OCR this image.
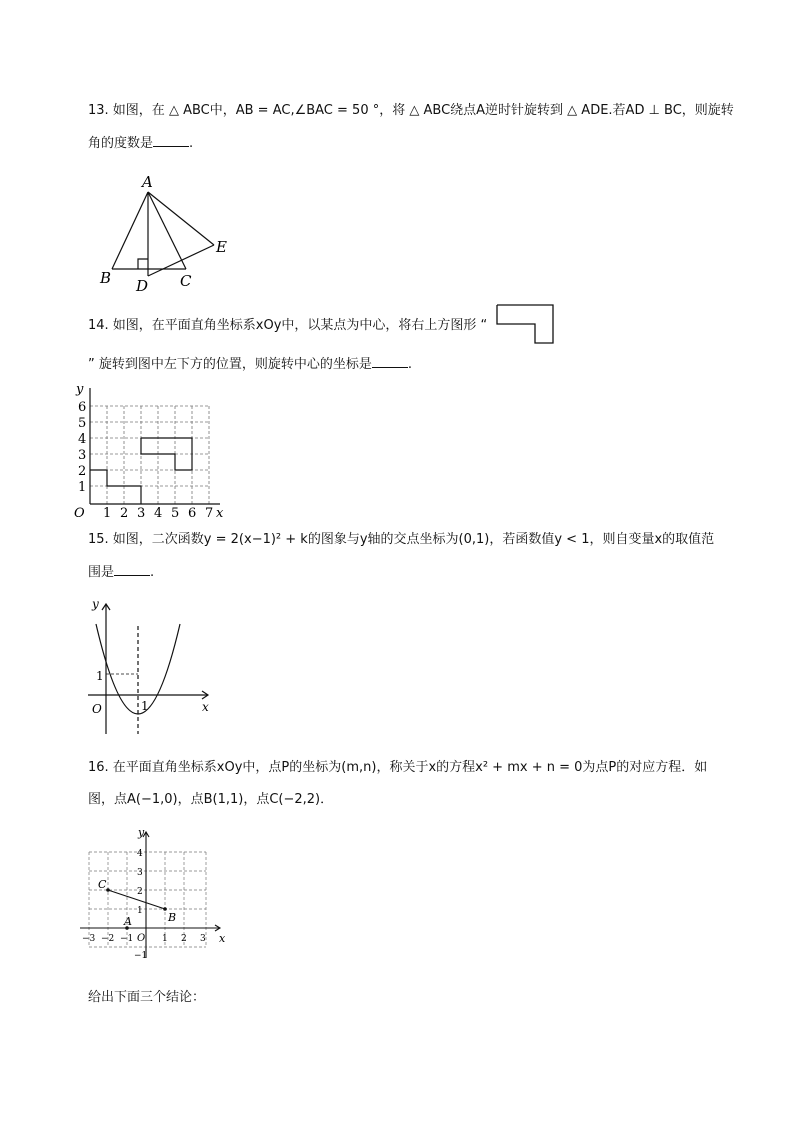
13. 如图，在 △ ABC中，AB = AC,∠BAC = 50 °，将 △ ABC绕点A逆时针旋转到 △ ADE.若AD ⊥ BC，则旋转
角的度数是	.
A
B	C
D
E
14. 如图，在平面直角坐标系xOy中，以某点为中心，将右上方图形 “
” 旋转到图中左下方的位置，则旋转中心的坐标是	.
y
x
O 1 2 3 4 5 6 7
1
2
3
4
5
6
15. 如图，二次函数y = 2(x−1)² + k的图象与y轴的交点坐标为(0,1)，若函数值y < 1，则自变量x的取值范
围是	.
y
x
O
1
1
16. 在平面直角坐标系xOy中，点P的坐标为(m,n)，称关于x的方程x² + mx + n = 0为点P的对应方程．如
图，点A(−1,0)，点B(1,1)，点C(−2,2)．
y
x
O
C
B
A
−3 −2 −1	1 2 3
−1
1
2
3
4
给出下面三个结论：
